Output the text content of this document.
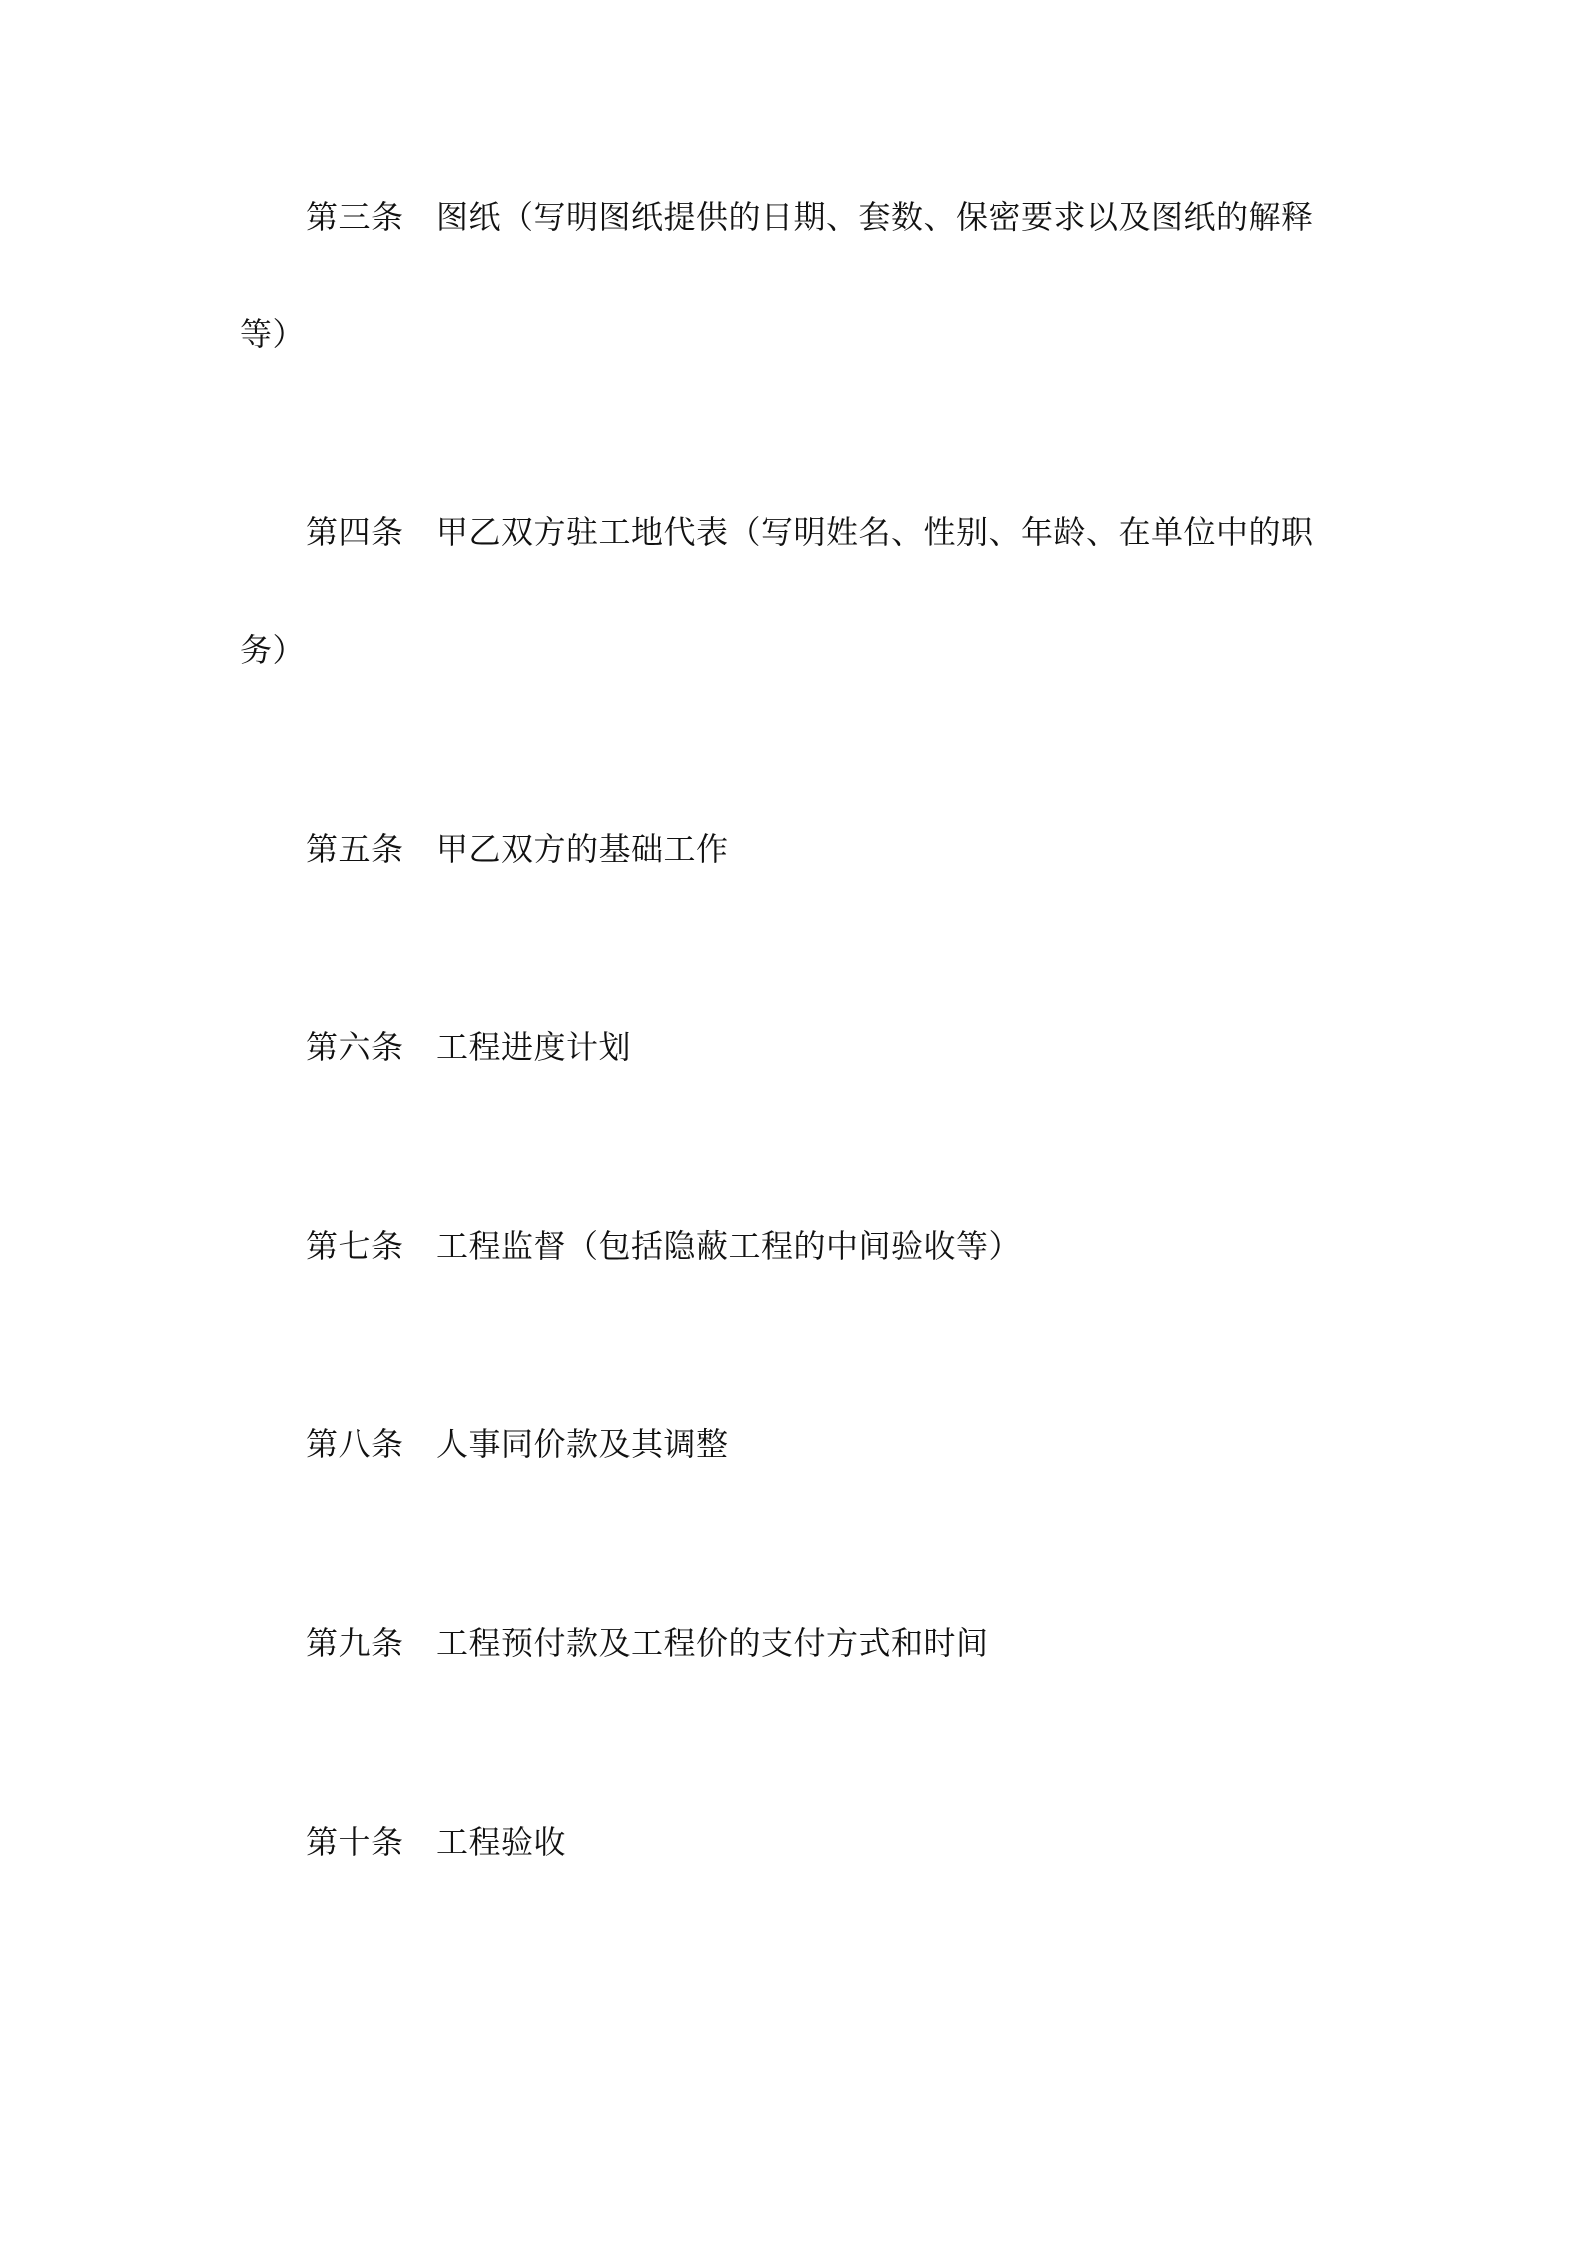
第三条 图纸（写明图纸提供的日期、套数、保密要求以及图纸的解释
等）
第四条 甲乙双方驻工地代表（写明姓名、性别、年龄、在单位中的职
务）
第五条 甲乙双方的基础工作
第六条 工程进度计划
第七条 工程监督（包括隐蔽工程的中间验收等）
第八条 人事同价款及其调整
第九条 工程预付款及工程价的支付方式和时间
第十条 工程验收
